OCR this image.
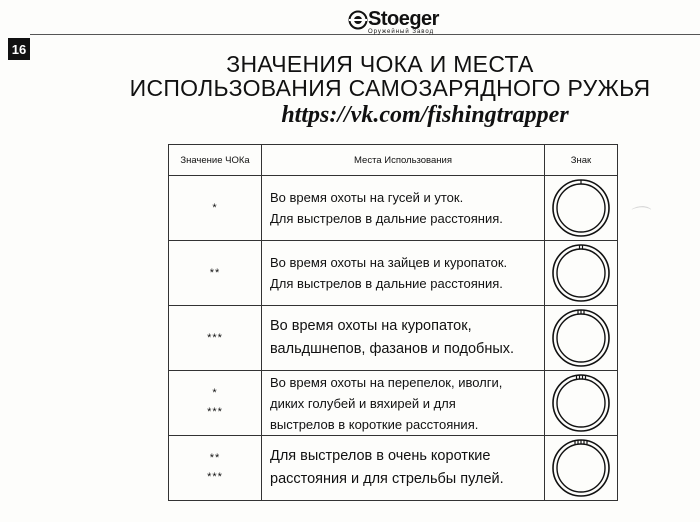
16
Stoeger
Оружейный Завод
ЗНАЧЕНИЯ ЧОКА И МЕСТА
ИСПОЛЬЗОВАНИЯ САМОЗАРЯДНОГО РУЖЬЯ
https://vk.com/fishingtrapper
Значение ЧОКа	Места Использования	Знак

*	Во время охоты на гусей и уток.
Для выстрелов в дальние расстояния.

**	Во время охоты на зайцев и куропаток.
Для выстрелов в дальние расстояния.

***	Во время охоты на куропаток,
вальдшнепов, фазанов и подобных.

*
***	Во время охоты на перепелок, иволги,
диких голубей и вяхирей и для
выстрелов в короткие расстояния.

**
***	Для выстрелов в очень короткие
расстояния и для стрельбы пулей.

⌒
